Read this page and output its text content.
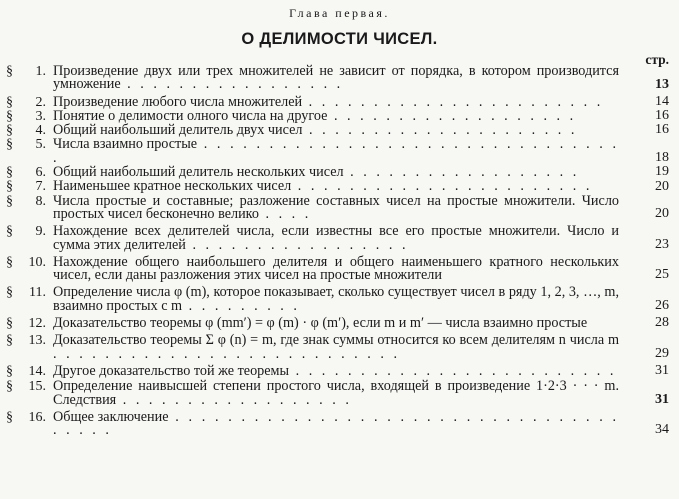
Глава первая.
О ДЕЛИМОСТИ ЧИСЕЛ.
стр.
§	1. Произведение двух или трех множителей не зависит от порядка, в котором производится умножение . . . . . . . . . . . . . . . . .	13
§	2. Произведение любого числа множителей . . . . . . . . . . . . . . . . . . . . . . .	14
§	3. Понятие о делимости олного числа на другое . . . . . . . . . . . . . . . . . . .	16
§	4. Общий наибольший делитель двух чисел . . . . . . . . . . . . . . . . . . . . .	16
§	5. Числа взаимно простые . . . . . . . . . . . . . . . . . . . . . . . . . . . . . . . . .	18
§	6. Общий наибольший делитель нескольких чисел . . . . . . . . . . . . . . . . . .	19
§	7. Наименьшее кратное нескольких чисел . . . . . . . . . . . . . . . . . . . . . . .	20
§	8. Числа простые и составные; разложение составных чисел на простые множители. Число простых чисел бесконечно велико . . . .	20
§	9. Нахождение всех делителей числа, если известны все его простые множители. Число и сумма этих делителей . . . . . . . . . . . . . . . . .	23
§	10. Нахождение общего наибольшего делителя и общего наименьшего кратного нескольких чисел, если даны разложения этих чисел на простые множители	25
§	11. Определение числа φ (m), которое показывает, сколько существует чисел в ряду 1, 2, 3, …, m, взаимно простых с m . . . . . . . . .	26
§	12. Доказательство теоремы φ (mm′) = φ (m) · φ (m′), если m и m′ — числа взаимно простые	28
§	13. Доказательство теоремы Σ φ (n) = m, где знак суммы относится ко всем делителям n числа m . . . . . . . . . . . . . . . . . . . . . . . . . . .	29
§	14. Другое доказательство той же теоремы . . . . . . . . . . . . . . . . . . . . . . . . .	31
§	15. Определение наивысшей степени простого числа, входящей в произведение 1·2·3 · · · m. Следствия . . . . . . . . . . . . . . . . . .	31
§	16. Общее заключение . . . . . . . . . . . . . . . . . . . . . . . . . . . . . . . . . . . . . . .	34
